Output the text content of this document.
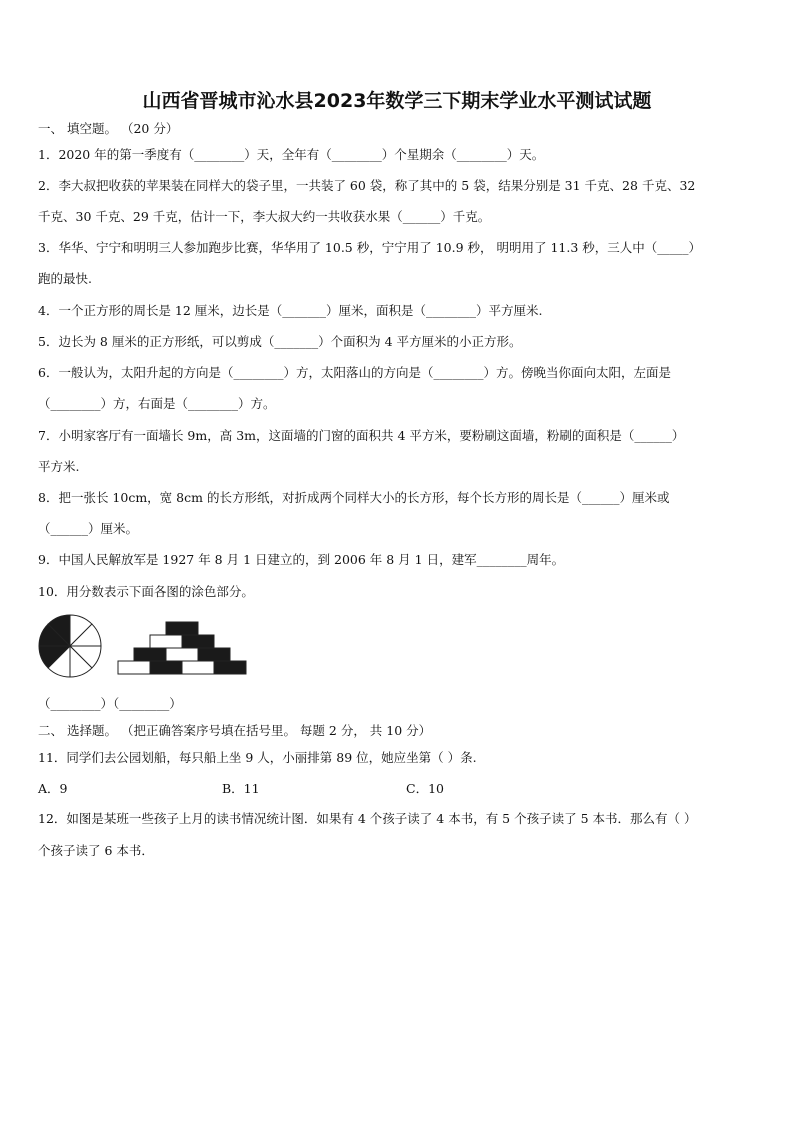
山西省晋城市沁水县2023年数学三下期末学业水平测试试题
一、 填空题。 （20 分）
1．2020 年的第一季度有（________）天，全年有（________）个星期余（________）天。
2．李大叔把收获的苹果装在同样大的袋子里，一共装了 60 袋，称了其中的 5 袋，结果分别是 31 千克、28 千克、32
千克、30 千克、29 千克，估计一下，李大叔大约一共收获水果（______）千克。
3．华华、宁宁和明明三人参加跑步比赛，华华用了 10.5 秒，宁宁用了 10.9 秒， 明明用了 11.3 秒，三人中（_____）
跑的最快.
4．一个正方形的周长是 12 厘米，边长是（_______）厘米，面积是（________）平方厘米.
5．边长为 8 厘米的正方形纸，可以剪成（_______）个面积为 4 平方厘米的小正方形。
6．一般认为，太阳升起的方向是（________）方，太阳落山的方向是（________）方。傍晚当你面向太阳，左面是
（________）方，右面是（________）方。
7．小明家客厅有一面墙长 9m，高 3m，这面墙的门窗的面积共 4 平方米，要粉刷这面墙，粉刷的面积是（______）
平方米.
8．把一张长 10cm，宽 8cm 的长方形纸，对折成两个同样大小的长方形，每个长方形的周长是（______）厘米或
（______）厘米。
9．中国人民解放军是 1927 年 8 月 1 日建立的，到 2006 年 8 月 1 日，建军________周年。
10．用分数表示下面各图的涂色部分。
（________）（________）
二、 选择题。 （把正确答案序号填在括号里。 每题 2 分， 共 10 分）
11．同学们去公园划船，每只船上坐 9 人，小丽排第 89 位，她应坐第（ ）条.
A．9	B．11	C．10
12．如图是某班一些孩子上月的读书情况统计图．如果有 4 个孩子读了 4 本书，有 5 个孩子读了 5 本书．那么有（ ）
个孩子读了 6 本书．
